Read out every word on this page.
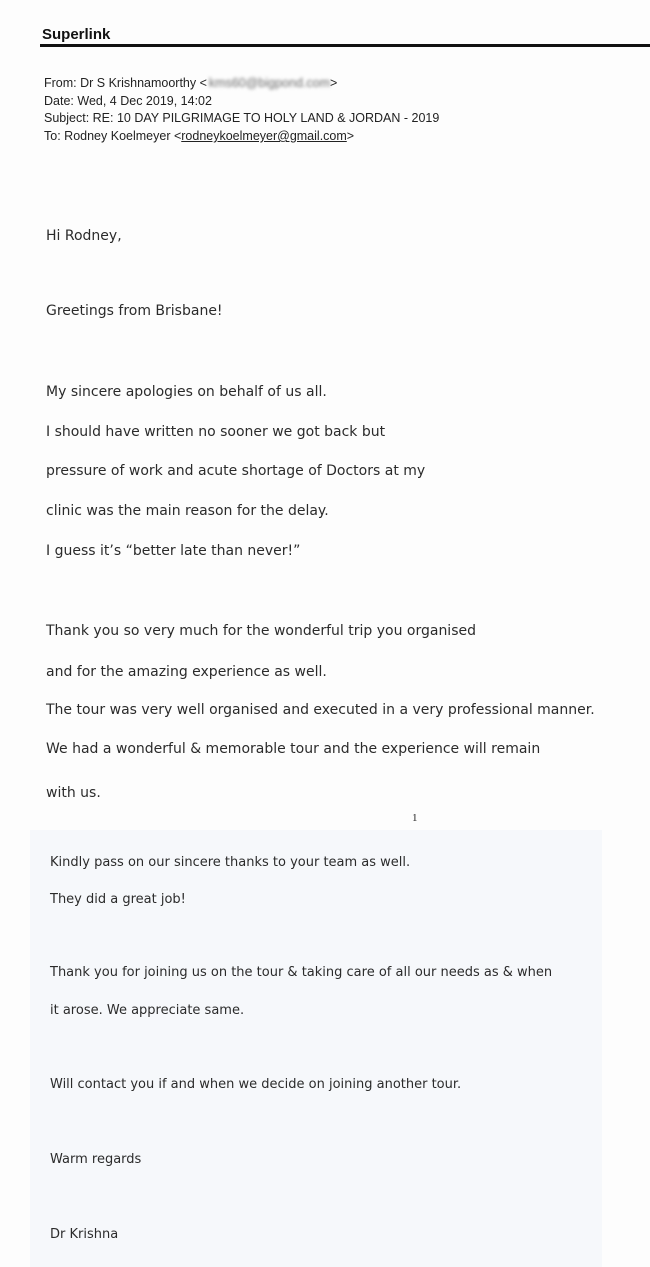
Superlink
From: Dr S Krishnamoorthy < kms60@bigpond.com>
Date: Wed, 4 Dec 2019, 14:02
Subject: RE: 10 DAY PILGRIMAGE TO HOLY LAND & JORDAN - 2019
To: Rodney Koelmeyer <rodneykoelmeyer@gmail.com>
Hi Rodney,
Greetings from Brisbane!
My sincere apologies on behalf of us all.
I should have written no sooner we got back but
pressure of work and acute shortage of Doctors at my
clinic was the main reason for the delay.
I guess it’s “better late than never!”
Thank you so very much for the wonderful trip you organised
and for the amazing experience as well.
The tour was very well organised and executed in a very professional manner.
We had a wonderful & memorable tour and the experience will remain
with us.
1
Kindly pass on our sincere thanks to your team as well.
They did a great job!
Thank you for joining us on the tour & taking care of all our needs as & when
it arose. We appreciate same.
Will contact you if and when we decide on joining another tour.
Warm regards
Dr Krishna
